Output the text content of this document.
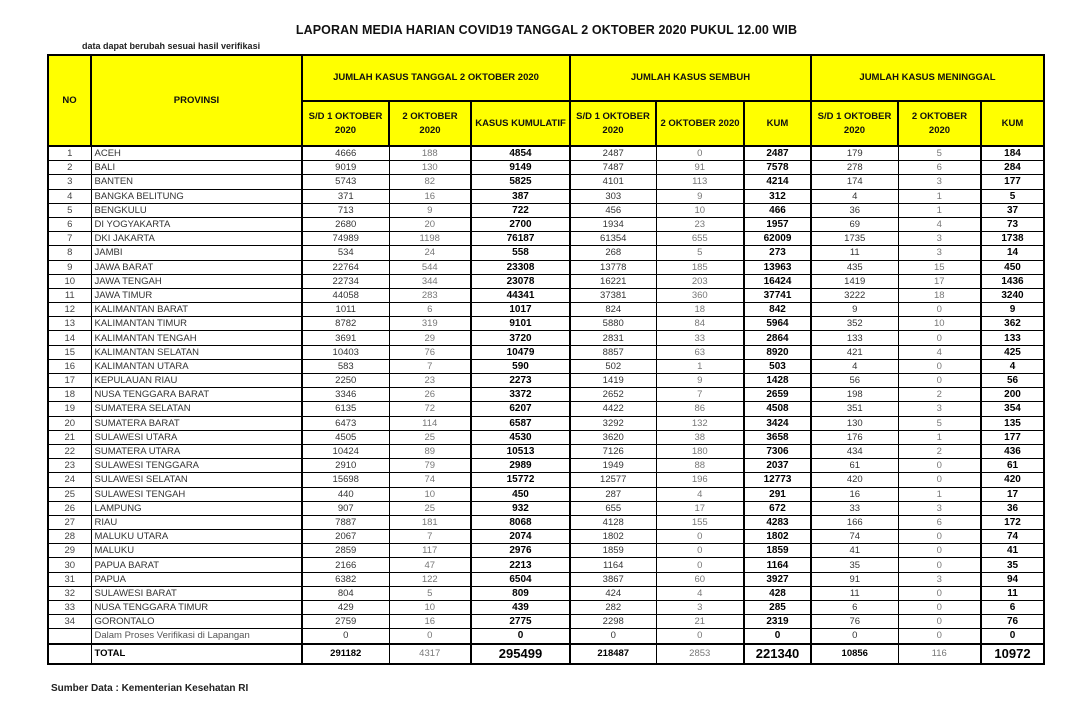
LAPORAN MEDIA HARIAN COVID19 TANGGAL 2 OKTOBER 2020 PUKUL 12.00 WIB
data dapat berubah sesuai hasil verifikasi
NO	PROVINSI	JUMLAH KASUS TANGGAL 2 OKTOBER 2020			JUMLAH KASUS SEMBUH			JUMLAH KASUS MENINGGAL		
		S/D 1 OKTOBER 2020	2 OKTOBER 2020	KASUS KUMULATIF	S/D 1 OKTOBER 2020	2 OKTOBER 2020	KUM	S/D 1 OKTOBER 2020	2 OKTOBER 2020	KUM
1	ACEH	4666	188	4854	2487	0	2487	179	5	184
2	BALI	9019	130	9149	7487	91	7578	278	6	284
3	BANTEN	5743	82	5825	4101	113	4214	174	3	177
4	BANGKA BELITUNG	371	16	387	303	9	312	4	1	5
5	BENGKULU	713	9	722	456	10	466	36	1	37
6	DI YOGYAKARTA	2680	20	2700	1934	23	1957	69	4	73
7	DKI JAKARTA	74989	1198	76187	61354	655	62009	1735	3	1738
8	JAMBI	534	24	558	268	5	273	11	3	14
9	JAWA BARAT	22764	544	23308	13778	185	13963	435	15	450
10	JAWA TENGAH	22734	344	23078	16221	203	16424	1419	17	1436
11	JAWA TIMUR	44058	283	44341	37381	360	37741	3222	18	3240
12	KALIMANTAN BARAT	1011	6	1017	824	18	842	9	0	9
13	KALIMANTAN TIMUR	8782	319	9101	5880	84	5964	352	10	362
14	KALIMANTAN TENGAH	3691	29	3720	2831	33	2864	133	0	133
15	KALIMANTAN SELATAN	10403	76	10479	8857	63	8920	421	4	425
16	KALIMANTAN UTARA	583	7	590	502	1	503	4	0	4
17	KEPULAUAN RIAU	2250	23	2273	1419	9	1428	56	0	56
18	NUSA TENGGARA BARAT	3346	26	3372	2652	7	2659	198	2	200
19	SUMATERA SELATAN	6135	72	6207	4422	86	4508	351	3	354
20	SUMATERA BARAT	6473	114	6587	3292	132	3424	130	5	135
21	SULAWESI UTARA	4505	25	4530	3620	38	3658	176	1	177
22	SUMATERA UTARA	10424	89	10513	7126	180	7306	434	2	436
23	SULAWESI TENGGARA	2910	79	2989	1949	88	2037	61	0	61
24	SULAWESI SELATAN	15698	74	15772	12577	196	12773	420	0	420
25	SULAWESI TENGAH	440	10	450	287	4	291	16	1	17
26	LAMPUNG	907	25	932	655	17	672	33	3	36
27	RIAU	7887	181	8068	4128	155	4283	166	6	172
28	MALUKU UTARA	2067	7	2074	1802	0	1802	74	0	74
29	MALUKU	2859	117	2976	1859	0	1859	41	0	41
30	PAPUA BARAT	2166	47	2213	1164	0	1164	35	0	35
31	PAPUA	6382	122	6504	3867	60	3927	91	3	94
32	SULAWESI BARAT	804	5	809	424	4	428	11	0	11
33	NUSA TENGGARA TIMUR	429	10	439	282	3	285	6	0	6
34	GORONTALO	2759	16	2775	2298	21	2319	76	0	76
	Dalam Proses Verifikasi di Lapangan	0	0	0	0	0	0	0	0	0
	TOTAL	291182	4317	295499	218487	2853	221340	10856	116	10972
Sumber Data : Kementerian Kesehatan RI
